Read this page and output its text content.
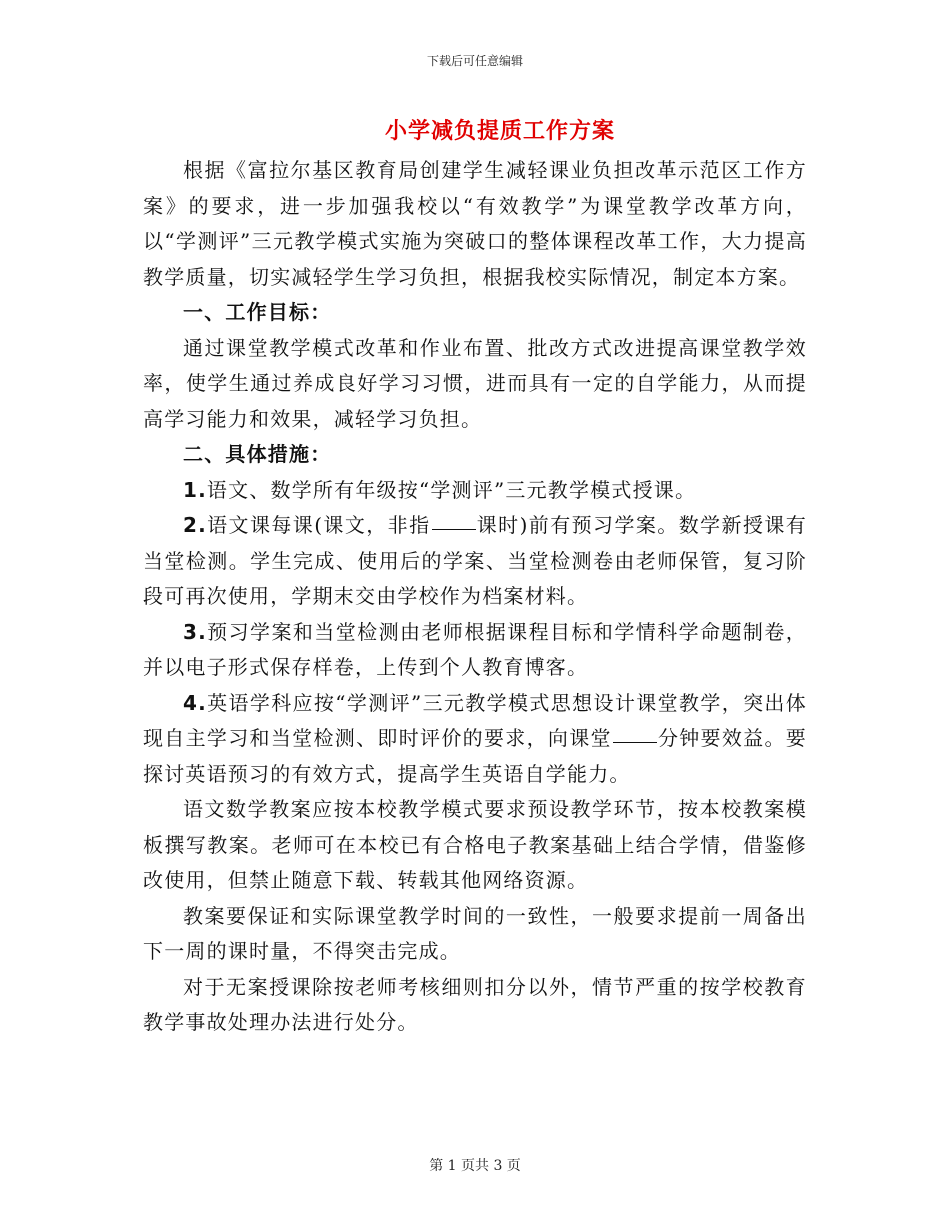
下载后可任意编辑
小学减负提质工作方案

根据《富拉尔基区教育局创建学生减轻课业负担改革示范区工作方案》的要求，进一步加强我校以“有效教学”为课堂教学改革方向，以“学测评”三元教学模式实施为突破口的整体课程改革工作，大力提高教学质量，切实减轻学生学习负担，根据我校实际情况，制定本方案。

一、工作目标：

通过课堂教学模式改革和作业布置、批改方式改进提高课堂教学效率，使学生通过养成良好学习习惯，进而具有一定的自学能力，从而提高学习能力和效果，减轻学习负担。

二、具体措施：

1.语文、数学所有年级按“学测评”三元教学模式授课。

2.语文课每课(课文，非指 课时)前有预习学案。数学新授课有当堂检测。学生完成、使用后的学案、当堂检测卷由老师保管，复习阶段可再次使用，学期末交由学校作为档案材料。

3.预习学案和当堂检测由老师根据课程目标和学情科学命题制卷，并以电子形式保存样卷，上传到个人教育博客。

4.英语学科应按“学测评”三元教学模式思想设计课堂教学，突出体现自主学习和当堂检测、即时评价的要求，向课堂 分钟要效益。要探讨英语预习的有效方式，提高学生英语自学能力。

语文数学教案应按本校教学模式要求预设教学环节，按本校教案模板撰写教案。老师可在本校已有合格电子教案基础上结合学情，借鉴修改使用，但禁止随意下载、转载其他网络资源。

教案要保证和实际课堂教学时间的一致性，一般要求提前一周备出下一周的课时量，不得突击完成。

对于无案授课除按老师考核细则扣分以外，情节严重的按学校教育教学事故处理办法进行处分。

第 1 页共 3 页
